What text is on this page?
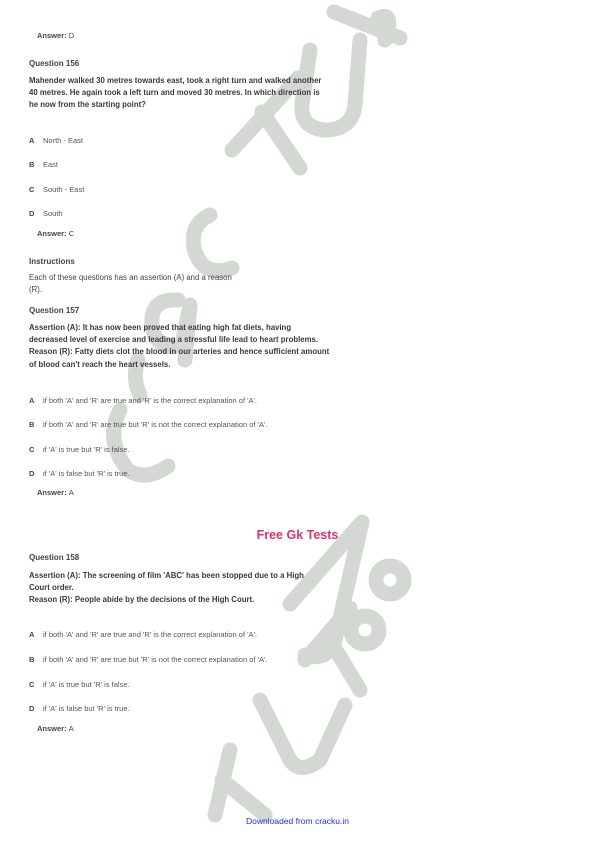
Answer: D

Question 156

Mahender walked 30 metres towards east, took a right turn and walked another
40 metres. He again took a left turn and moved 30 metres. In which direction is
he now from the starting point?

A North - East

B East

C South - East

D South

Answer: C

Instructions

Each of these questions has an assertion (A) and a reason
(R).

Question 157

Assertion (A): It has now been proved that eating high fat diets, having
decreased level of exercise and leading a stressful life lead to heart problems.
Reason (R): Fatty diets clot the blood in our arteries and hence sufficient amount
of blood can't reach the heart vessels.

A if both 'A' and 'R' are true and 'R' is the correct explanation of 'A'.

B if both 'A' and 'R' are true but 'R' is not the correct explanation of 'A'.

C if 'A' is true but 'R' is false.

D if 'A' is false but 'R' is true.

Answer: A

Free Gk Tests

Question 158

Assertion (A): The screening of film 'ABC' has been stopped due to a High
Court order.
Reason (R): People abide by the decisions of the High Court.

A if both 'A' and 'R' are true and 'R' is the correct explanation of 'A'.

B if both 'A' and 'R' are true but 'R' is not the correct explanation of 'A'.

C if 'A' is true but 'R' is false.

D if 'A' is false but 'R' is true.

Answer: A

Downloaded from cracku.in
